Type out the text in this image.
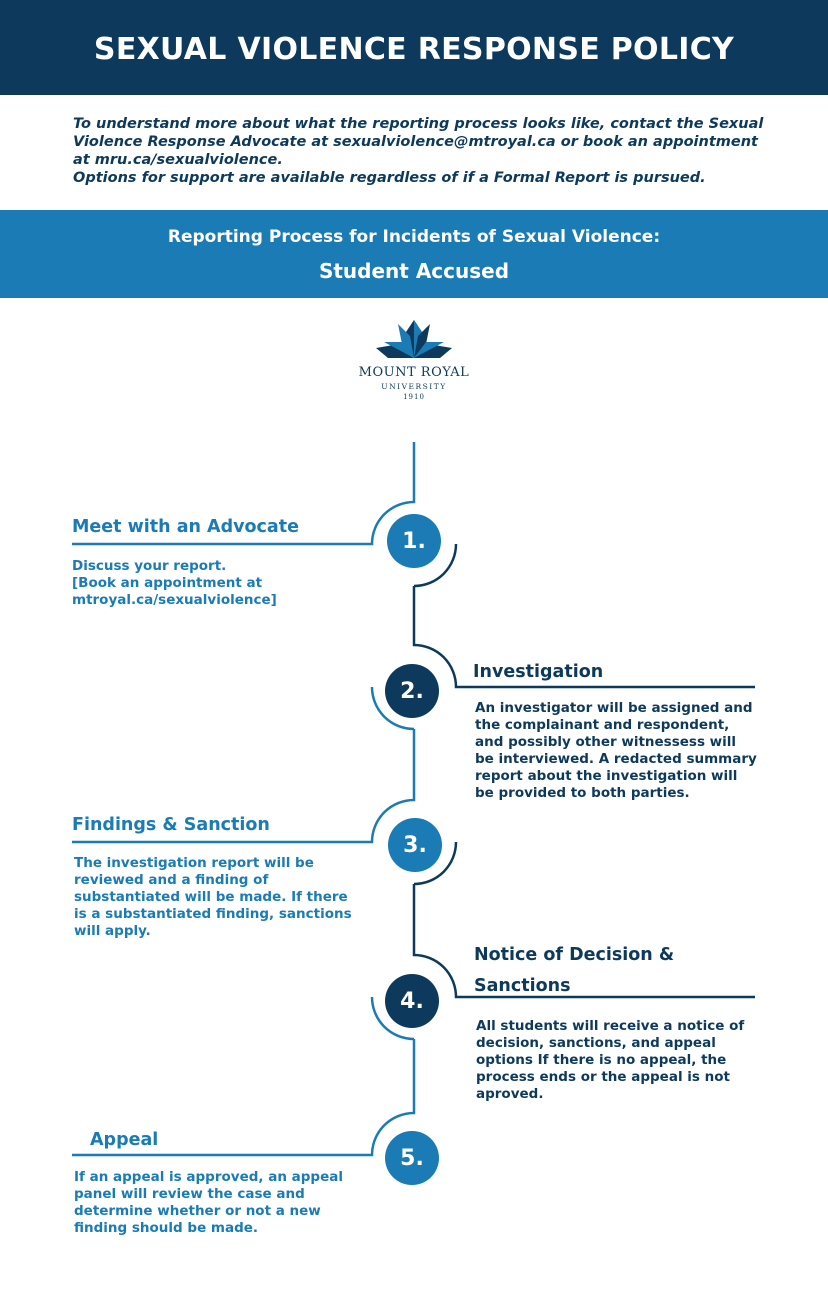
SEXUAL VIOLENCE RESPONSE POLICY

To understand more about what the reporting process looks like, contact the Sexual Violence Response Advocate at sexualviolence@mtroyal.ca or book an appointment at mru.ca/sexualviolence.

Options for support are available regardless of if a Formal Report is pursued.

Reporting Process for Incidents of Sexual Violence:
Student Accused
MOUNT ROYAL
UNIVERSITY
1910
1.
Meet with an Advocate

Discuss your report.

[Book an appointment at mtroyal.ca/sexualviolence]

2.
Investigation
An investigator will be assigned and the complainant and respondent, and possibly other witnessess will be interviewed. A redacted summary report about the investigation will be provided to both parties.
3.
Findings & Sanction
The investigation report will be reviewed and a finding of substantiated will be made. If there is a substantiated finding, sanctions will apply.
4.
Notice of Decision &
Sanctions
All students will receive a notice of decision, sanctions, and appeal options If there is no appeal, the process ends or the appeal is not aproved.
5.
Appeal
If an appeal is approved, an appeal panel will review the case and determine whether or not a new finding should be made.
